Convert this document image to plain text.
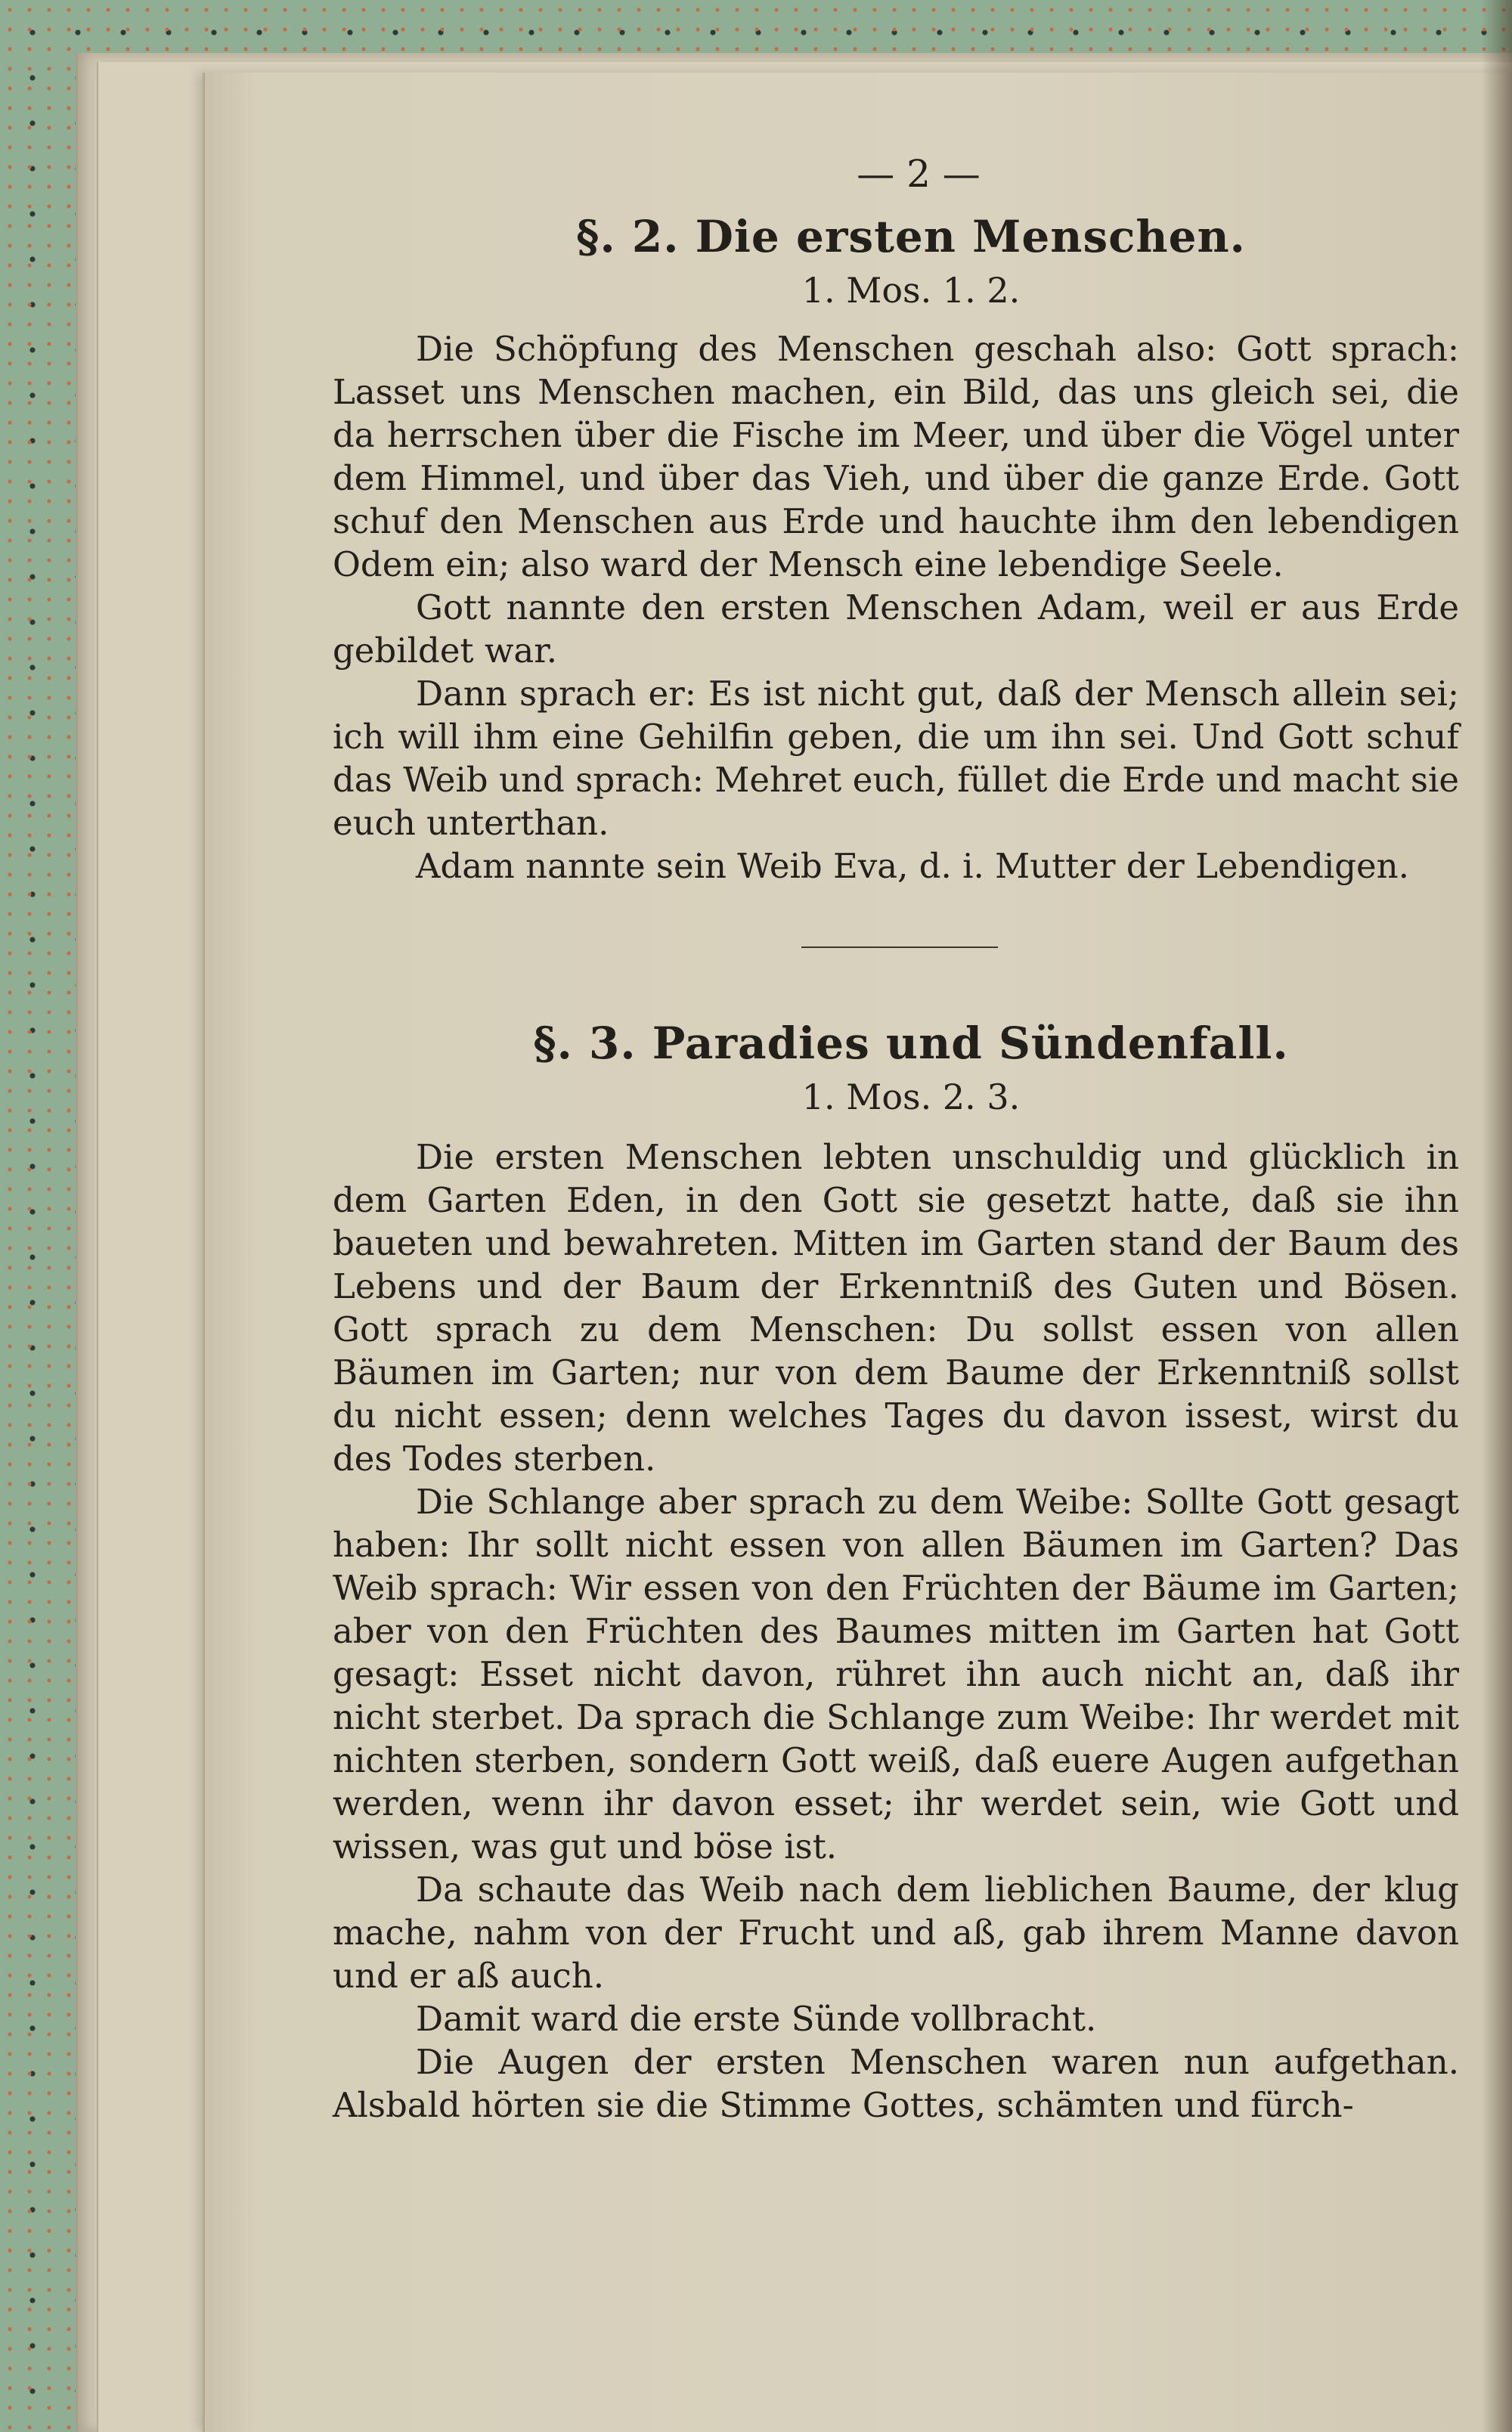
— 2 —

§. 2. Die ersten Menschen.

1. Mos. 1. 2.

Die Schöpfung des Menschen geschah also: Gott sprach: Lasset uns Menschen machen, ein Bild, das uns gleich sei, die da herrschen über die Fische im Meer, und über die Vögel unter dem Himmel, und über das Vieh, und über die ganze Erde. Gott schuf den Menschen aus Erde und hauchte ihm den lebendigen Odem ein; also ward der Mensch eine lebendige Seele.

Gott nannte den ersten Menschen Adam, weil er aus Erde gebildet war.

Dann sprach er: Es ist nicht gut, daß der Mensch allein sei; ich will ihm eine Gehilfin geben, die um ihn sei. Und Gott schuf das Weib und sprach: Mehret euch, füllet die Erde und macht sie euch unterthan.

Adam nannte sein Weib Eva, d. i. Mutter der Lebendigen.

§. 3. Paradies und Sündenfall.

1. Mos. 2. 3.

Die ersten Menschen lebten unschuldig und glücklich in dem Garten Eden, in den Gott sie gesetzt hatte, daß sie ihn baueten und bewahreten. Mitten im Garten stand der Baum des Lebens und der Baum der Erkenntniß des Guten und Bösen. Gott sprach zu dem Menschen: Du sollst essen von allen Bäumen im Garten; nur von dem Baume der Erkenntniß sollst du nicht essen; denn welches Tages du davon issest, wirst du des Todes sterben.

Die Schlange aber sprach zu dem Weibe: Sollte Gott gesagt haben: Ihr sollt nicht essen von allen Bäumen im Garten? Das Weib sprach: Wir essen von den Früchten der Bäume im Garten; aber von den Früchten des Baumes mitten im Garten hat Gott gesagt: Esset nicht davon, rühret ihn auch nicht an, daß ihr nicht sterbet. Da sprach die Schlange zum Weibe: Ihr werdet mit nichten sterben, sondern Gott weiß, daß euere Augen aufgethan werden, wenn ihr davon esset; ihr werdet sein, wie Gott und wissen, was gut und böse ist.

Da schaute das Weib nach dem lieblichen Baume, der klug mache, nahm von der Frucht und aß, gab ihrem Manne davon und er aß auch.

Damit ward die erste Sünde vollbracht.

Die Augen der ersten Menschen waren nun aufgethan. Alsbald hörten sie die Stimme Gottes, schämten und fürch-
